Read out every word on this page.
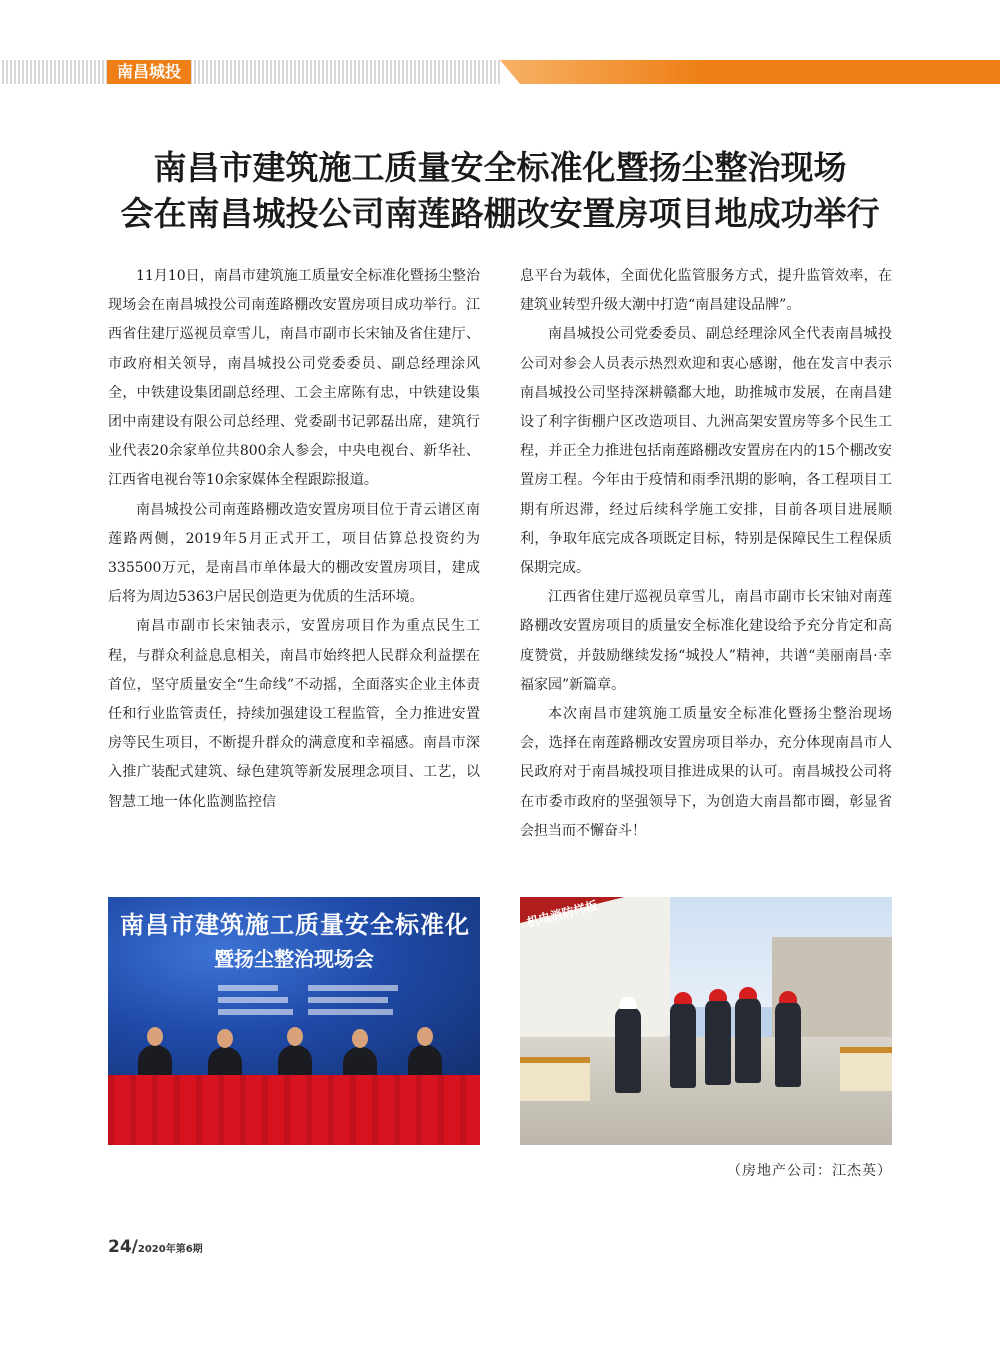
南昌城投
南昌市建筑施工质量安全标准化暨扬尘整治现场
会在南昌城投公司南莲路棚改安置房项目地成功举行

11月10日，南昌市建筑施工质量安全标准化暨扬尘整治现场会在南昌城投公司南莲路棚改安置房项目成功举行。江西省住建厅巡视员章雪儿，南昌市副市长宋铀及省住建厅、市政府相关领导，南昌城投公司党委委员、副总经理涂风全，中铁建设集团副总经理、工会主席陈有忠，中铁建设集团中南建设有限公司总经理、党委副书记郭磊出席，建筑行业代表20余家单位共800余人参会，中央电视台、新华社、江西省电视台等10余家媒体全程跟踪报道。

南昌城投公司南莲路棚改造安置房项目位于青云谱区南莲路两侧，2019年5月正式开工，项目估算总投资约为335500万元，是南昌市单体最大的棚改安置房项目，建成后将为周边5363户居民创造更为优质的生活环境。

南昌市副市长宋铀表示，安置房项目作为重点民生工程，与群众利益息息相关，南昌市始终把人民群众利益摆在首位，坚守质量安全“生命线”不动摇，全面落实企业主体责任和行业监管责任，持续加强建设工程监管，全力推进安置房等民生项目，不断提升群众的满意度和幸福感。南昌市深入推广装配式建筑、绿色建筑等新发展理念项目、工艺，以智慧工地一体化监测监控信

息平台为载体，全面优化监管服务方式，提升监管效率，在建筑业转型升级大潮中打造“南昌建设品牌”。

南昌城投公司党委委员、副总经理涂风全代表南昌城投公司对参会人员表示热烈欢迎和衷心感谢，他在发言中表示南昌城投公司坚持深耕赣鄱大地，助推城市发展，在南昌建设了利字街棚户区改造项目、九洲高架安置房等多个民生工程，并正全力推进包括南莲路棚改安置房在内的15个棚改安置房工程。今年由于疫情和雨季汛期的影响，各工程项目工期有所迟滞，经过后续科学施工安排，目前各项目进展顺利，争取年底完成各项既定目标，特别是保障民生工程保质保期完成。

江西省住建厅巡视员章雪儿，南昌市副市长宋铀对南莲路棚改安置房项目的质量安全标准化建设给予充分肯定和高度赞赏，并鼓励继续发扬“城投人”精神，共谱“美丽南昌·幸福家园”新篇章。

本次南昌市建筑施工质量安全标准化暨扬尘整治现场会，选择在南莲路棚改安置房项目举办，充分体现南昌市人民政府对于南昌城投项目推进成果的认可。南昌城投公司将在市委市政府的坚强领导下，为创造大南昌都市圈，彰显省会担当而不懈奋斗！

南昌市建筑施工质量安全标准化
暨扬尘整治现场会
机电消防样板
（房地产公司：江杰英）
24/2020年第6期
